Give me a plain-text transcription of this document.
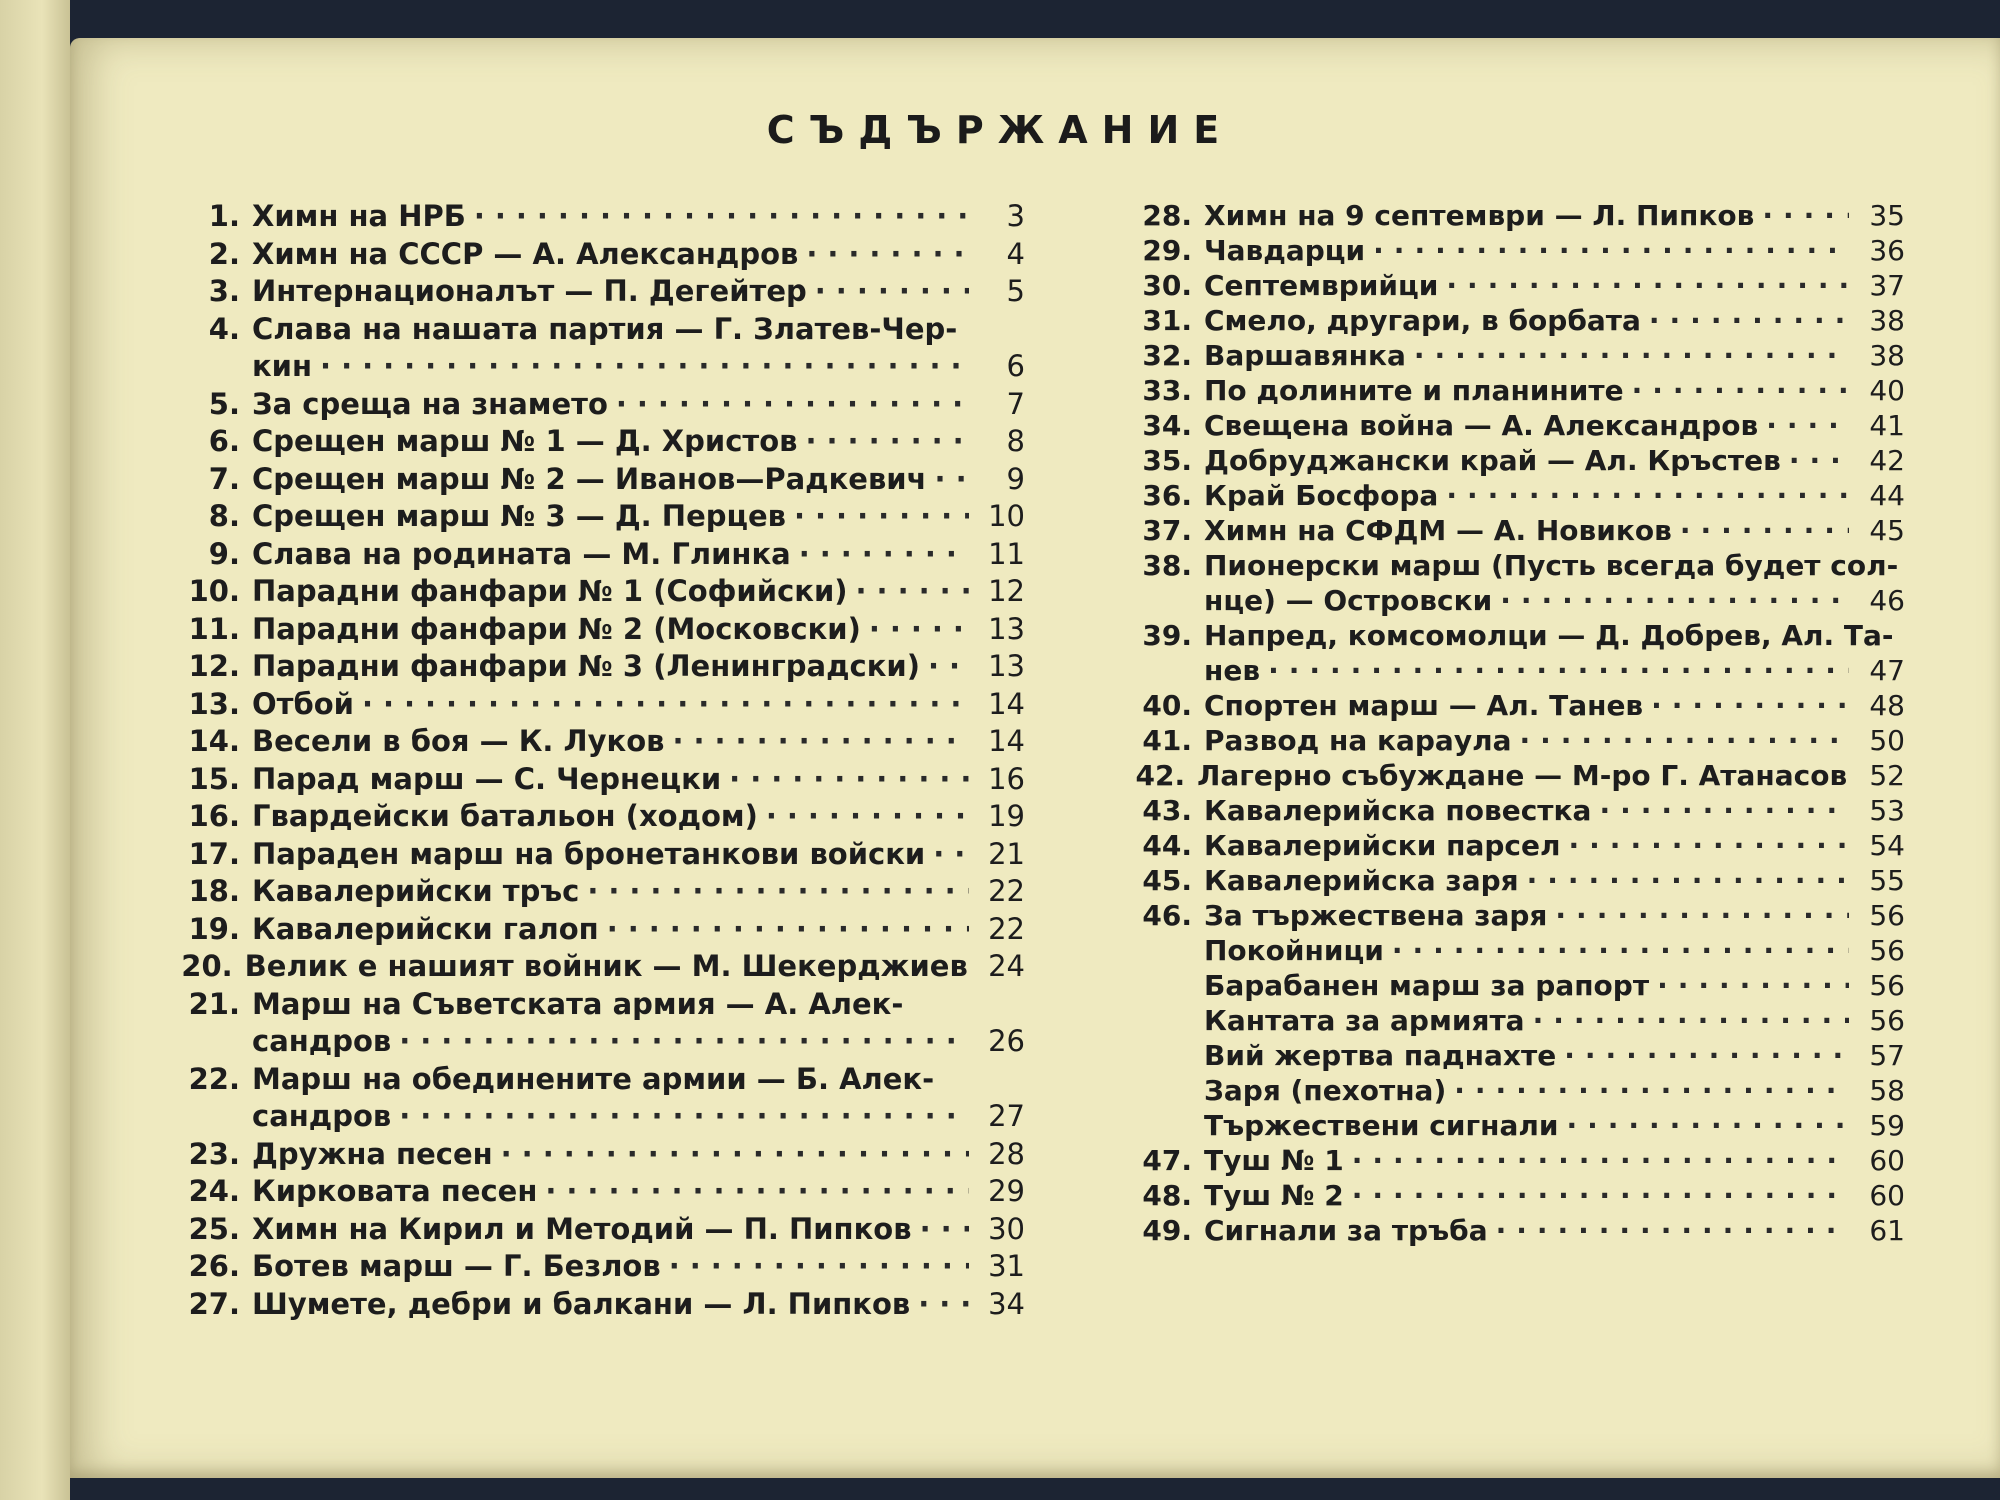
СЪДЪРЖАНИЕ
1. Химн на НРБ ·····	3
2. Химн на СССР — А. Александров ·····	4
3. Интернационалът — П. Дегейтер ·····	5
4. Слава на нашата партия — Г. Златев-Чер-
кин ·····	6
5. За среща на знамето ·····	7
6. Срещен марш № 1 — Д. Христов ·····	8
7. Срещен марш № 2 — Иванов—Радкевич ·····	9
8. Срещен марш № 3 — Д. Перцев ·····	10
9. Слава на родината — М. Глинка ·····	11
10. Парадни фанфари № 1 (Софийски) ·····	12
11. Парадни фанфари № 2 (Московски) ·····	13
12. Парадни фанфари № 3 (Ленинградски) ·····	13
13. Отбой ·····	14
14. Весели в боя — К. Луков ·····	14
15. Парад марш — С. Чернецки ·····	16
16. Гвардейски батальон (ходом) ·····	19
17. Параден марш на бронетанкови войски ·····	21
18. Кавалерийски тръс ·····	22
19. Кавалерийски галоп ·····	22
20. Велик е нашият войник — М. Шекерджиев ····· 24
21. Марш на Съветската армия — А. Алек-
сандров ·····	26
22. Марш на обединените армии — Б. Алек-
сандров ·····	27
23. Дружна песен ·····	28
24. Кирковата песен ·····	29
25. Химн на Кирил и Методий — П. Пипков ·····	30
26. Ботев марш — Г. Безлов ·····	31
27. Шумете, дебри и балкани — Л. Пипков ·····	34
28. Химн на 9 септември — Л. Пипков ·····	35
29. Чавдарци ·····	36
30. Септемврийци ·····	37
31. Смело, другари, в борбата ·····	38
32. Варшавянка ·····	38
33. По долините и планините ·····	40
34. Свещена война — А. Александров ·····	41
35. Добруджански край — Ал. Кръстев ·····	42
36. Край Босфора ·····	44
37. Химн на СФДМ — А. Новиков ·····	45
38. Пионерски марш (Пусть всегда будет сол-
нце) — Островски ·····	46
39. Напред, комсомолци — Д. Добрев, Ал. Та-
нев ·····	47
40. Спортен марш — Ал. Танев ·····	48
41. Развод на караула ·····	50
42. Лагерно събуждане — М-ро Г. Атанасов ····· 52
43. Кавалерийска повестка ·····	53
44. Кавалерийски парсел ·····	54
45. Кавалерийска заря ·····	55
46. За тържествена заря ·····	56
Покойници ·····	56
Барабанен марш за рапорт ·····	56
Кантата за армията ·····	56
Вий жертва паднахте ·····	57
Заря (пехотна) ·····	58
Тържествени сигнали ·····	59
47. Туш № 1 ·····	60
48. Туш № 2 ·····	60
49. Сигнали за тръба ·····	61
